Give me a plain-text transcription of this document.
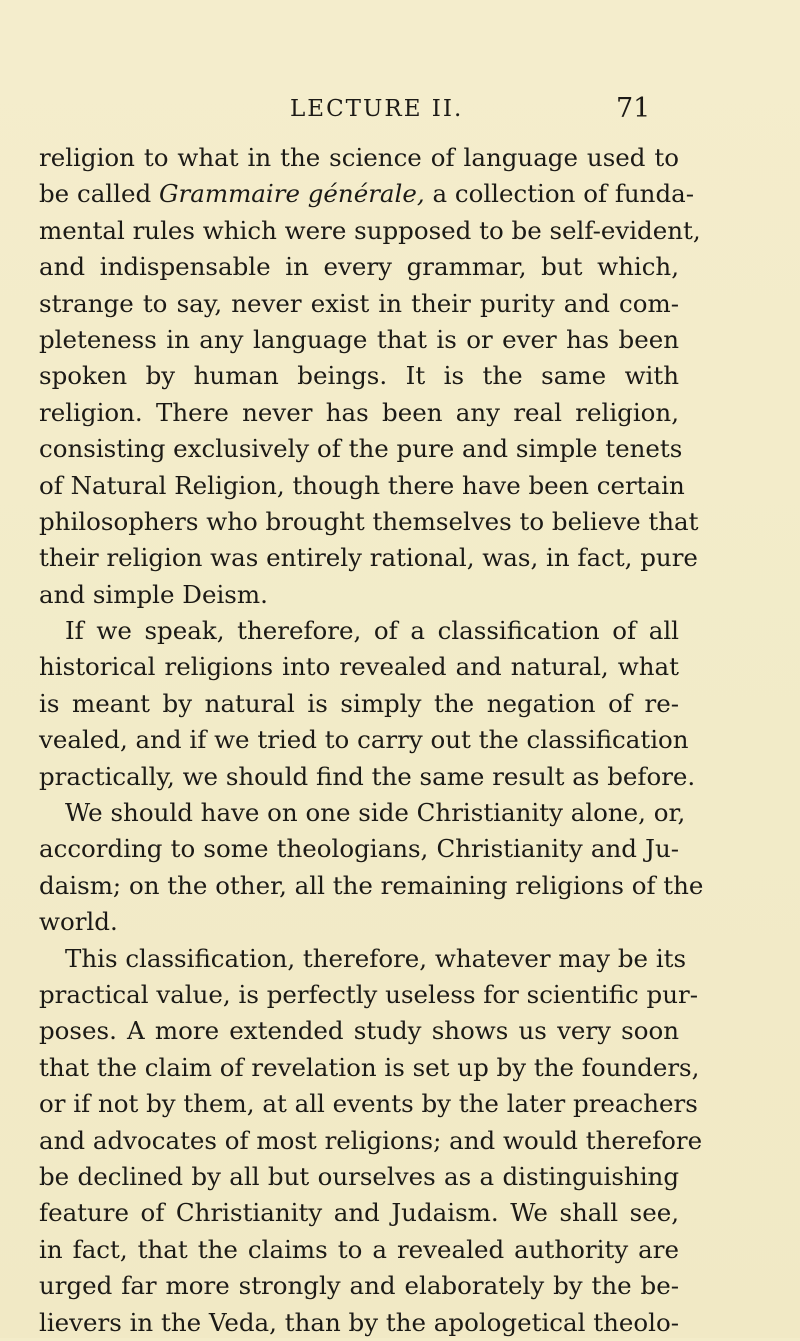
LECTURE II.	71
religion to what in the science of language used to
be called Grammaire générale, a collection of funda-
mental rules which were supposed to be self-evident,
and indispensable in every grammar, but which,
strange to say, never exist in their purity and com-
pleteness in any language that is or ever has been
spoken by human beings. It is the same with
religion. There never has been any real religion,
consisting exclusively of the pure and simple tenets
of Natural Religion, though there have been certain
philosophers who brought themselves to believe that
their religion was entirely rational, was, in fact, pure
and simple Deism.
If we speak, therefore, of a classification of all
historical religions into revealed and natural, what
is meant by natural is simply the negation of re-
vealed, and if we tried to carry out the classification
practically, we should find the same result as before.
We should have on one side Christianity alone, or,
according to some theologians, Christianity and Ju-
daism; on the other, all the remaining religions of the
world.
This classification, therefore, whatever may be its
practical value, is perfectly useless for scientific pur-
poses. A more extended study shows us very soon
that the claim of revelation is set up by the founders,
or if not by them, at all events by the later preachers
and advocates of most religions; and would therefore
be declined by all but ourselves as a distinguishing
feature of Christianity and Judaism. We shall see,
in fact, that the claims to a revealed authority are
urged far more strongly and elaborately by the be-
lievers in the Veda, than by the apologetical theolo-
